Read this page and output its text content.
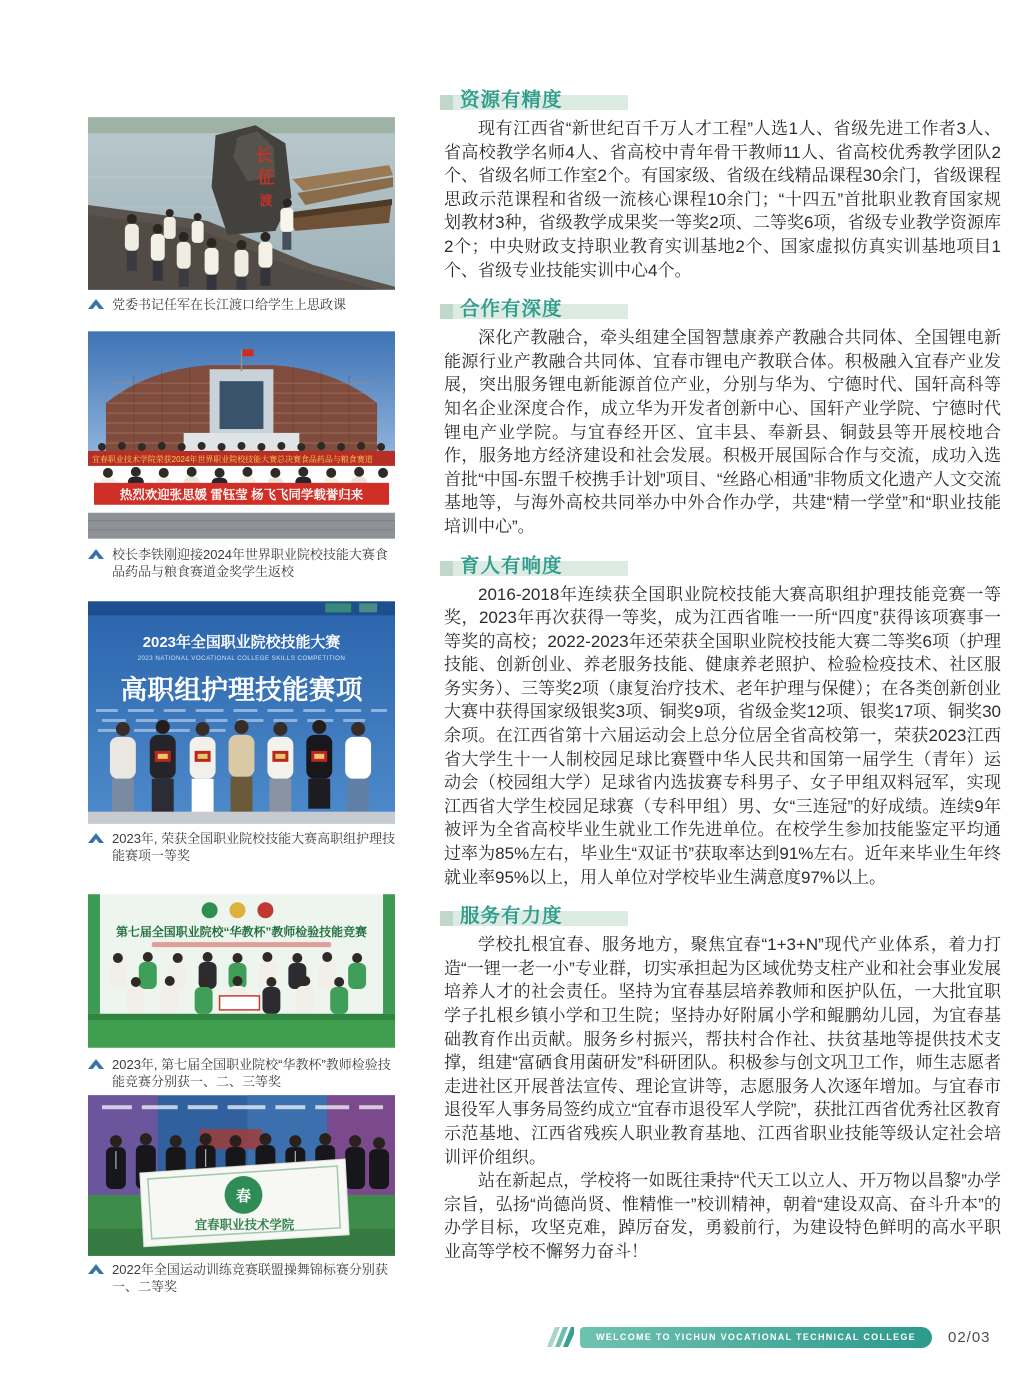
长
征
渡
党委书记任军在长江渡口给学生上思政课
宜春职业技术学院荣获2024年世界职业院校技能大赛总决赛食品药品与粮食赛道
热烈欢迎张思媛 雷钰莹 杨飞飞同学载誉归来
校长李铁刚迎接2024年世界职业院校技能大赛食品药品与粮食赛道金奖学生返校
2023年全国职业院校技能大赛
2023 NATIONAL VOCATIONAL COLLEGE SKILLS COMPETITION
高职组护理技能赛项
2023年, 荣获全国职业院校技能大赛高职组护理技能赛项一等奖
第七届全国职业院校“华教杯”教师检验技能竞赛
2023年, 第七届全国职业院校“华教杯”教师检验技能竞赛分别获一、二、三等奖
春
宜春职业技术学院
2022年全国运动训练竞赛联盟操舞锦标赛分别获一、二等奖
资源有精度

现有江西省“新世纪百千万人才工程”人选1人、省级先进工作者3人、省高校教学名师4人、省高校中青年骨干教师11人、省高校优秀教学团队2个、省级名师工作室2个。有国家级、省级在线精品课程30余门，省级课程思政示范课程和省级一流核心课程10余门；“十四五”首批职业教育国家规划教材3种，省级教学成果奖一等奖2项、二等奖6项，省级专业教学资源库2个；中央财政支持职业教育实训基地2个、国家虚拟仿真实训基地项目1个、省级专业技能实训中心4个。

合作有深度

深化产教融合，牵头组建全国智慧康养产教融合共同体、全国锂电新能源行业产教融合共同体、宜春市锂电产教联合体。积极融入宜春产业发展，突出服务锂电新能源首位产业，分别与华为、宁德时代、国轩高科等知名企业深度合作，成立华为开发者创新中心、国轩产业学院、宁德时代锂电产业学院。与宜春经开区、宜丰县、奉新县、铜鼓县等开展校地合作，服务地方经济建设和社会发展。积极开展国际合作与交流，成功入选首批“中国-东盟千校携手计划”项目、“丝路心相通”非物质文化遗产人文交流基地等，与海外高校共同举办中外合作办学，共建“精一学堂”和“职业技能培训中心”。

育人有响度

2016-2018年连续获全国职业院校技能大赛高职组护理技能竞赛一等奖，2023年再次获得一等奖，成为江西省唯一一所“四度”获得该项赛事一等奖的高校；2022-2023年还荣获全国职业院校技能大赛二等奖6项（护理技能、创新创业、养老服务技能、健康养老照护、检验检疫技术、社区服务实务）、三等奖2项（康复治疗技术、老年护理与保健）；在各类创新创业大赛中获得国家级银奖3项、铜奖9项，省级金奖12项、银奖17项、铜奖30余项。在江西省第十六届运动会上总分位居全省高校第一，荣获2023江西省大学生十一人制校园足球比赛暨中华人民共和国第一届学生（青年）运动会（校园组大学）足球省内选拔赛专科男子、女子甲组双料冠军，实现江西省大学生校园足球赛（专科甲组）男、女“三连冠”的好成绩。连续9年被评为全省高校毕业生就业工作先进单位。在校学生参加技能鉴定平均通过率为85%左右，毕业生“双证书”获取率达到91%左右。近年来毕业生年终就业率95%以上，用人单位对学校毕业生满意度97%以上。

服务有力度

学校扎根宜春、服务地方，聚焦宜春“1+3+N”现代产业体系，着力打造“一锂一老一小”专业群，切实承担起为区域优势支柱产业和社会事业发展培养人才的社会责任。坚持为宜春基层培养教师和医护队伍，一大批宜职学子扎根乡镇小学和卫生院；坚持办好附属小学和鲲鹏幼儿园，为宜春基础教育作出贡献。服务乡村振兴，帮扶村合作社、扶贫基地等提供技术支撑，组建“富硒食用菌研发”科研团队。积极参与创文巩卫工作，师生志愿者走进社区开展普法宣传、理论宣讲等，志愿服务人次逐年增加。与宜春市退役军人事务局签约成立“宜春市退役军人学院”，获批江西省优秀社区教育示范基地、江西省残疾人职业教育基地、江西省职业技能等级认定社会培训评价组织。

站在新起点，学校将一如既往秉持“代天工以立人、开万物以昌黎”办学宗旨，弘扬“尚德尚贤、惟精惟一”校训精神，朝着“建设双高、奋斗升本”的办学目标，攻坚克难，踔厉奋发，勇毅前行，为建设特色鲜明的高水平职业高等学校不懈努力奋斗！

WELCOME TO YICHUN VOCATIONAL TECHNICAL COLLEGE 02/03
